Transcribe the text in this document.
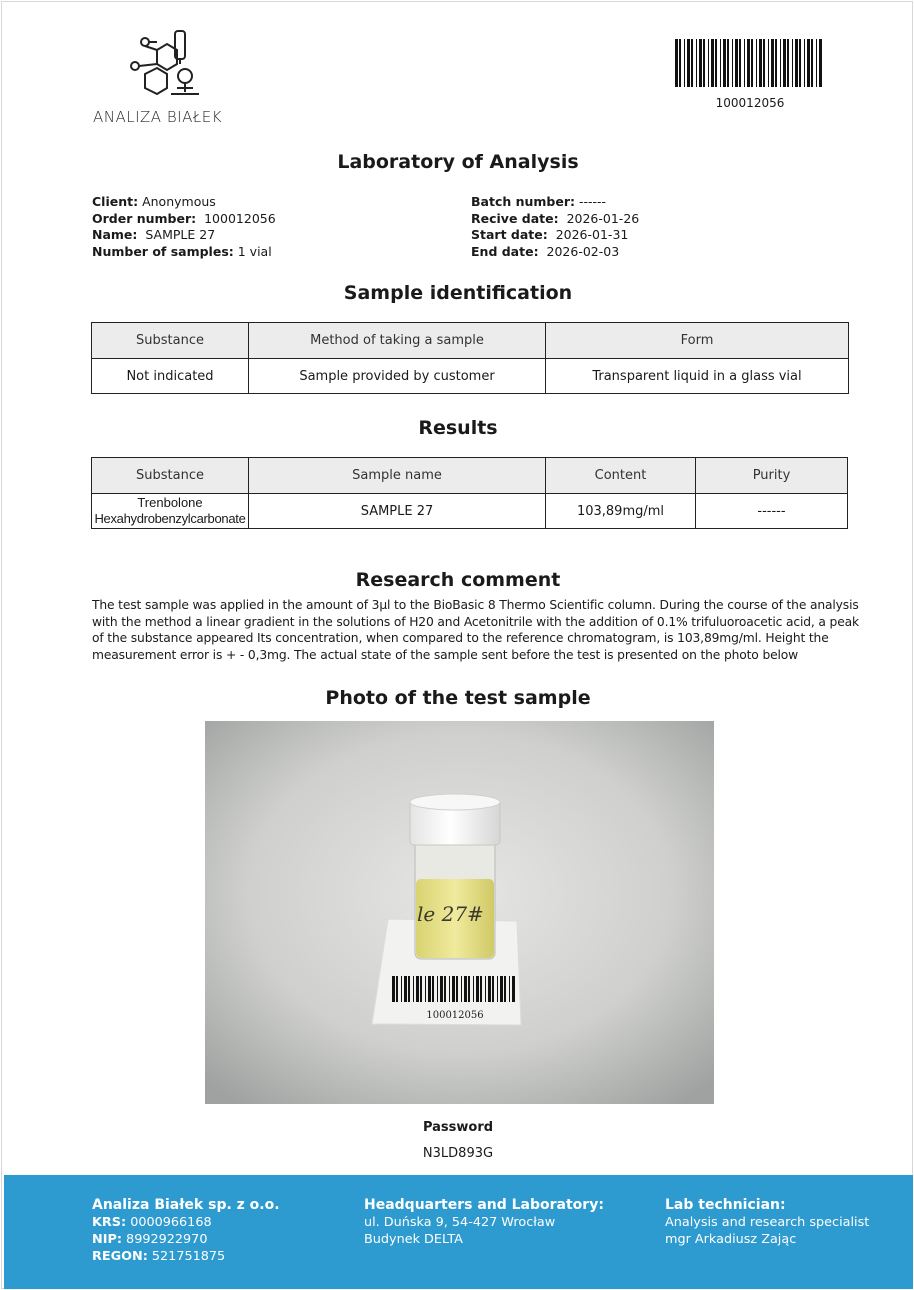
ANALIZA BIAŁEK
100012056
Laboratory of Analysis
Client: Anonymous
Order number: 100012056
Name: SAMPLE 27
Number of samples: 1 vial
Batch number: ------
Recive date: 2026-01-26
Start date: 2026-01-31
End date: 2026-02-03
Sample identification
Substance	Method of taking a sample	Form
Not indicated	Sample provided by customer	Transparent liquid in a glass vial
Results
Substance	Sample name	Content	Purity

Trenbolone
Hexahydrobenzylcarbonate	SAMPLE 27	103,89mg/ml	------
Research comment
The test sample was applied in the amount of 3µl to the BioBasic 8 Thermo Scientific column. During the course of the analysis with the method a linear gradient in the solutions of H20 and Acetonitrile with the addition of 0.1% trifuluoroacetic acid, a peak of the substance appeared Its concentration, when compared to the reference chromatogram, is 103,89mg/ml. Height the measurement error is + - 0,3mg. The actual state of the sample sent before the test is presented on the photo below
Photo of the test sample
100012056
le 27#
Password
N3LD893G
Analiza Białek sp. z o.o.
KRS: 0000966168
NIP: 8992922970
REGON: 521751875
Headquarters and Laboratory:
ul. Duńska 9, 54-427 Wrocław
Budynek DELTA
Lab technician:
Analysis and research specialist
mgr Arkadiusz Zając
